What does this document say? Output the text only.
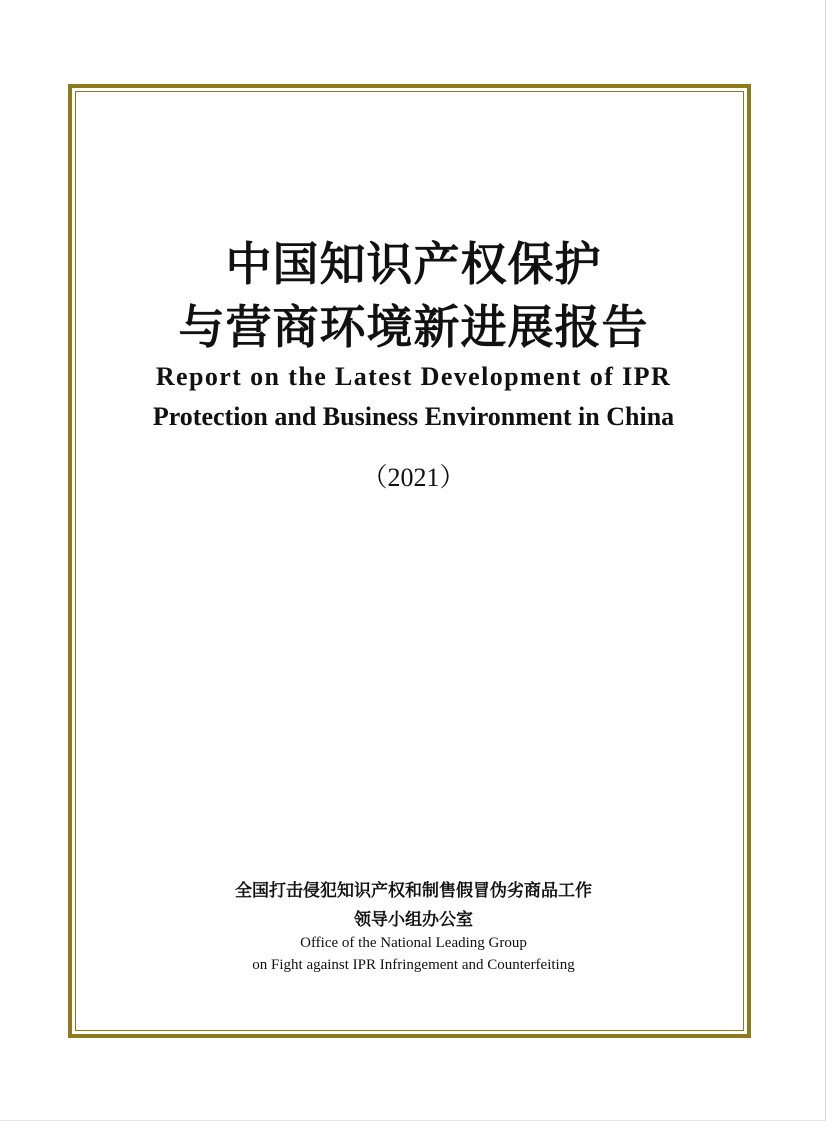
中国知识产权保护
与营商环境新进展报告
Report on the Latest Development of IPR
Protection and Business Environment in China
（2021）

全国打击侵犯知识产权和制售假冒伪劣商品工作

领导小组办公室

Office of the National Leading Group

on Fight against IPR Infringement and Counterfeiting
